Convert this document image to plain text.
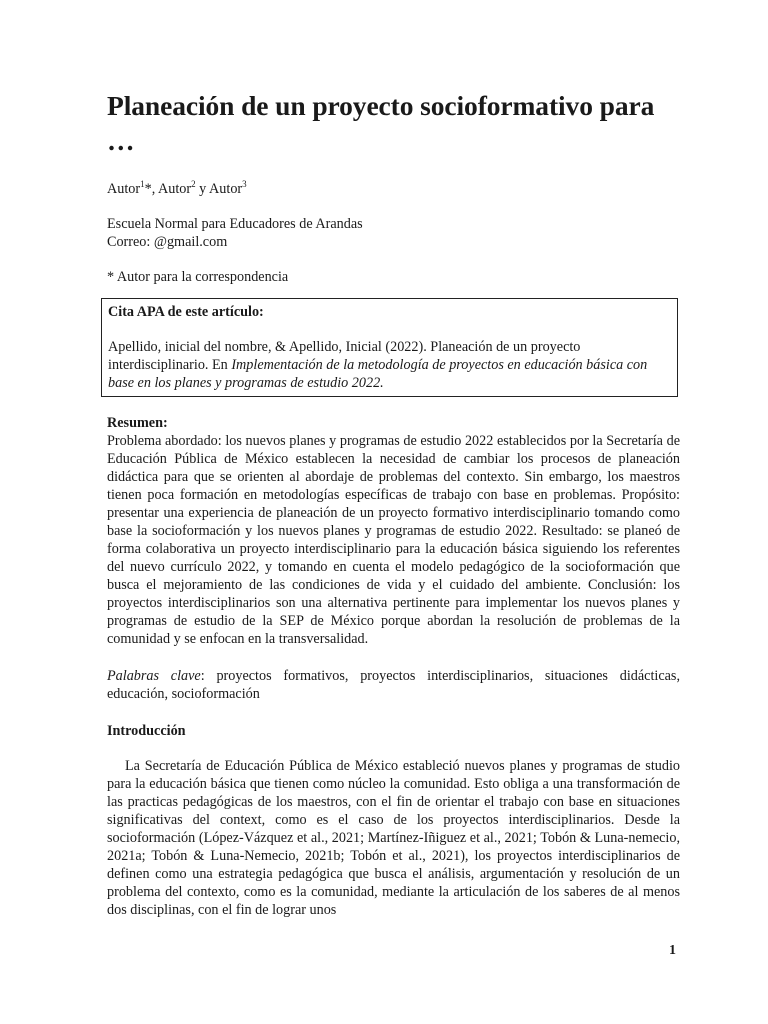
Planeación de un proyecto socioformativo para …

Autor$^1$*, Autor$^2$ y Autor$^3$

Escuela Normal para Educadores de Arandas

Correo: @gmail.com

* Autor para la correspondencia

Cita APA de este artículo:

Apellido, inicial del nombre, & Apellido, Inicial (2022). Planeación de un proyecto interdisciplinario. En Implementación de la metodología de proyectos en educación básica con base en los planes y programas de estudio 2022.

Resumen:

Problema abordado: los nuevos planes y programas de estudio 2022 establecidos por la Secretaría de Educación Pública de México establecen la necesidad de cambiar los procesos de planeación didáctica para que se orienten al abordaje de problemas del contexto. Sin embargo, los maestros tienen poca formación en metodologías específicas de trabajo con base en problemas. Propósito: presentar una experiencia de planeación de un proyecto formativo interdisciplinario tomando como base la socioformación y los nuevos planes y programas de estudio 2022. Resultado: se planeó de forma colaborativa un proyecto interdisciplinario para la educación básica siguiendo los referentes del nuevo currículo 2022, y tomando en cuenta el modelo pedagógico de la socioformación que busca el mejoramiento de las condiciones de vida y el cuidado del ambiente. Conclusión: los proyectos interdisciplinarios son una alternativa pertinente para implementar los nuevos planes y programas de estudio de la SEP de México porque abordan la resolución de problemas de la comunidad y se enfocan en la transversalidad.

Palabras clave: proyectos formativos, proyectos interdisciplinarios, situaciones didácticas, educación, socioformación

Introducción

La Secretaría de Educación Pública de México estableció nuevos planes y programas de studio para la educación básica que tienen como núcleo la comunidad. Esto obliga a una transformación de las practicas pedagógicas de los maestros, con el fin de orientar el trabajo con base en situaciones significativas del context, como es el caso de los proyectos interdisciplinarios. Desde la socioformación (López-Vázquez et al., 2021; Martínez-Iñiguez et al., 2021; Tobón & Luna-nemecio, 2021a; Tobón & Luna-Nemecio, 2021b; Tobón et al., 2021), los proyectos interdisciplinarios de definen como una estrategia pedagógica que busca el análisis, argumentación y resolución de un problema del contexto, como es la comunidad, mediante la articulación de los saberes de al menos dos disciplinas, con el fin de lograr unos

1
